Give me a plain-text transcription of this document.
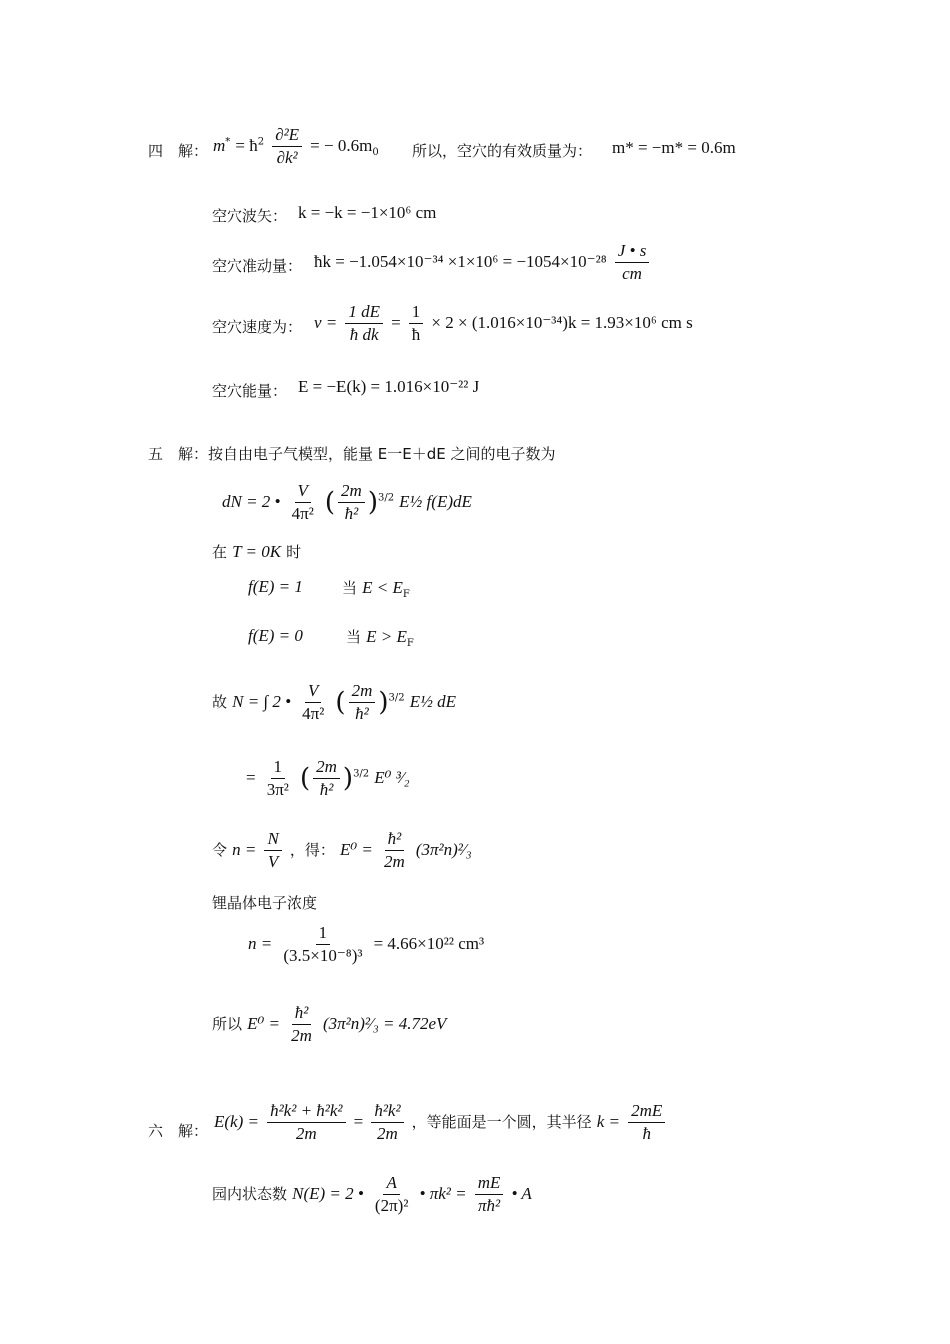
四　解： $m^* = ħ^2 \frac{\text{∂²E}}{\text{∂k²}}$ = − $0.6m_0$ 所以，空穴的有效质量为： m* = −m* = 0.6m
空穴波矢： k = −k = −1×10⁶ cm
空穴准动量： ħk = $-1.054\times 10^{-34} \times 1\times 10^6 = -1054\times 10^{-28} \frac{J • s}{cm}$
空穴速度为： $v = \frac{1 dE}{\text{ħ dk}} = \frac{1}{ħ} \times 2 \times (1.016\times 10^{-34})k = 1.93\times 10^6$ cm s
空穴能量： E = −E(k) = 1.016×10⁻²² J
五　解：按自由电子气模型，能量 E一E＋dE 之间的电子数为
dN = 2 • $\frac{V}{\text{4π²}}$ ( $\frac{2m}{\text{ħ²}} )^{3/2}$ E½ f(E)dE
在 T = 0K 时
f(E) = 1	当 $E < E_F$
f(E) = 0	当 $E > E_F$
故 N = ∫ 2 • $\frac{V}{\text{4π²}}$ ( $\frac{2m}{\text{ħ²}} )^{3/2}$ E½ dE
= $\frac{1}{\text{3π²}}$ ( $\frac{2m}{\text{ħ²}} )^{3/2}$ E⁰ ³⁄₂
令 $n = \frac{N}{V}$ ，得： $E^0 = \frac{\text{ħ²}}{2m}$ (3π²n)²⁄₃
锂晶体电子浓度
$n = \frac{1}{\text{(3.5×10⁻⁸)³}} = 4.66\times 10^{22}$ cm³
所以 $E^0 = \frac{\text{ħ²}}{2m}$ (3π²n)²⁄₃ = 4.72eV
六　解： $E(k) = \frac{\text{ħ²k² + ħ²k²}}{2m} = \frac{\text{ħ²k²}}{2m}$ ，等能面是一个圆，其半径 $k = \frac{2mE}{ħ}$
园内状态数 N(E) = 2 • $\frac{A}{\text{(2π)²}}$ • $\pi k^2 = \frac{mE}{\text{πħ²}}$ • A
